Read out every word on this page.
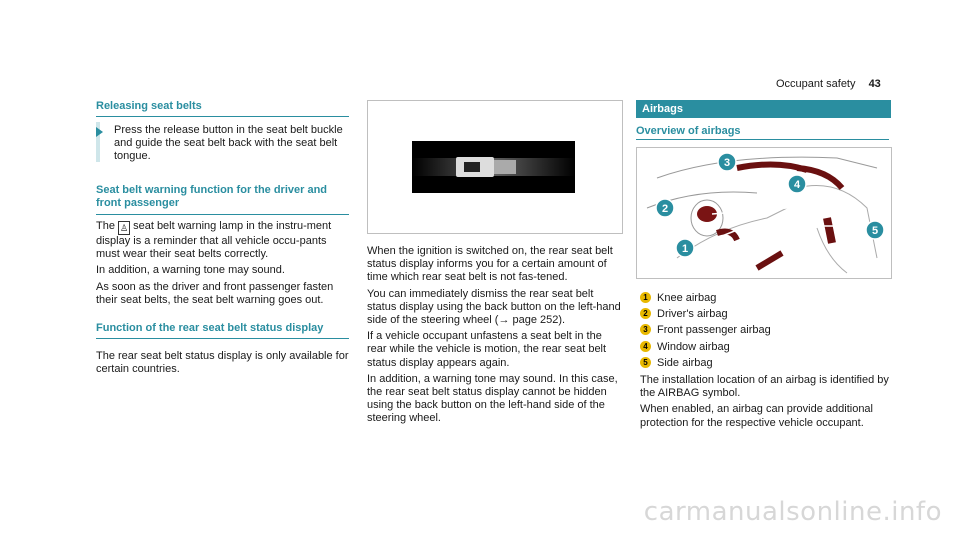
Occupant safety 43
Releasing seat belts
Press the release button in the seat belt buckle and guide the seat belt back with the seat belt tongue.
Seat belt warning function for the driver and front passenger

The ♙ seat belt warning lamp in the instru-ment display is a reminder that all vehicle occu-pants must wear their seat belts correctly.

In addition, a warning tone may sound.

As soon as the driver and front passenger fasten their seat belts, the seat belt warning goes out.

Function of the rear seat belt status display
The rear seat belt status display is only available for certain countries.

When the ignition is switched on, the rear seat belt status display informs you for a certain amount of time which rear seat belt is not fas-tened.

You can immediately dismiss the rear seat belt status display using the back button on the left-hand side of the steering wheel (→ page 252).

If a vehicle occupant unfastens a seat belt in the rear while the vehicle is motion, the rear seat belt status display appears again.

In addition, a warning tone may sound. In this case, the rear seat belt status display cannot be hidden using the back button on the left-hand side of the steering wheel.

Airbags
Overview of airbags
3
4
2
1
5
1 Knee airbag
2 Driver's airbag
3 Front passenger airbag
4 Window airbag
5 Side airbag

The installation location of an airbag is identified by the AIRBAG symbol.

When enabled, an airbag can provide additional protection for the respective vehicle occupant.

carmanualsonline.info
